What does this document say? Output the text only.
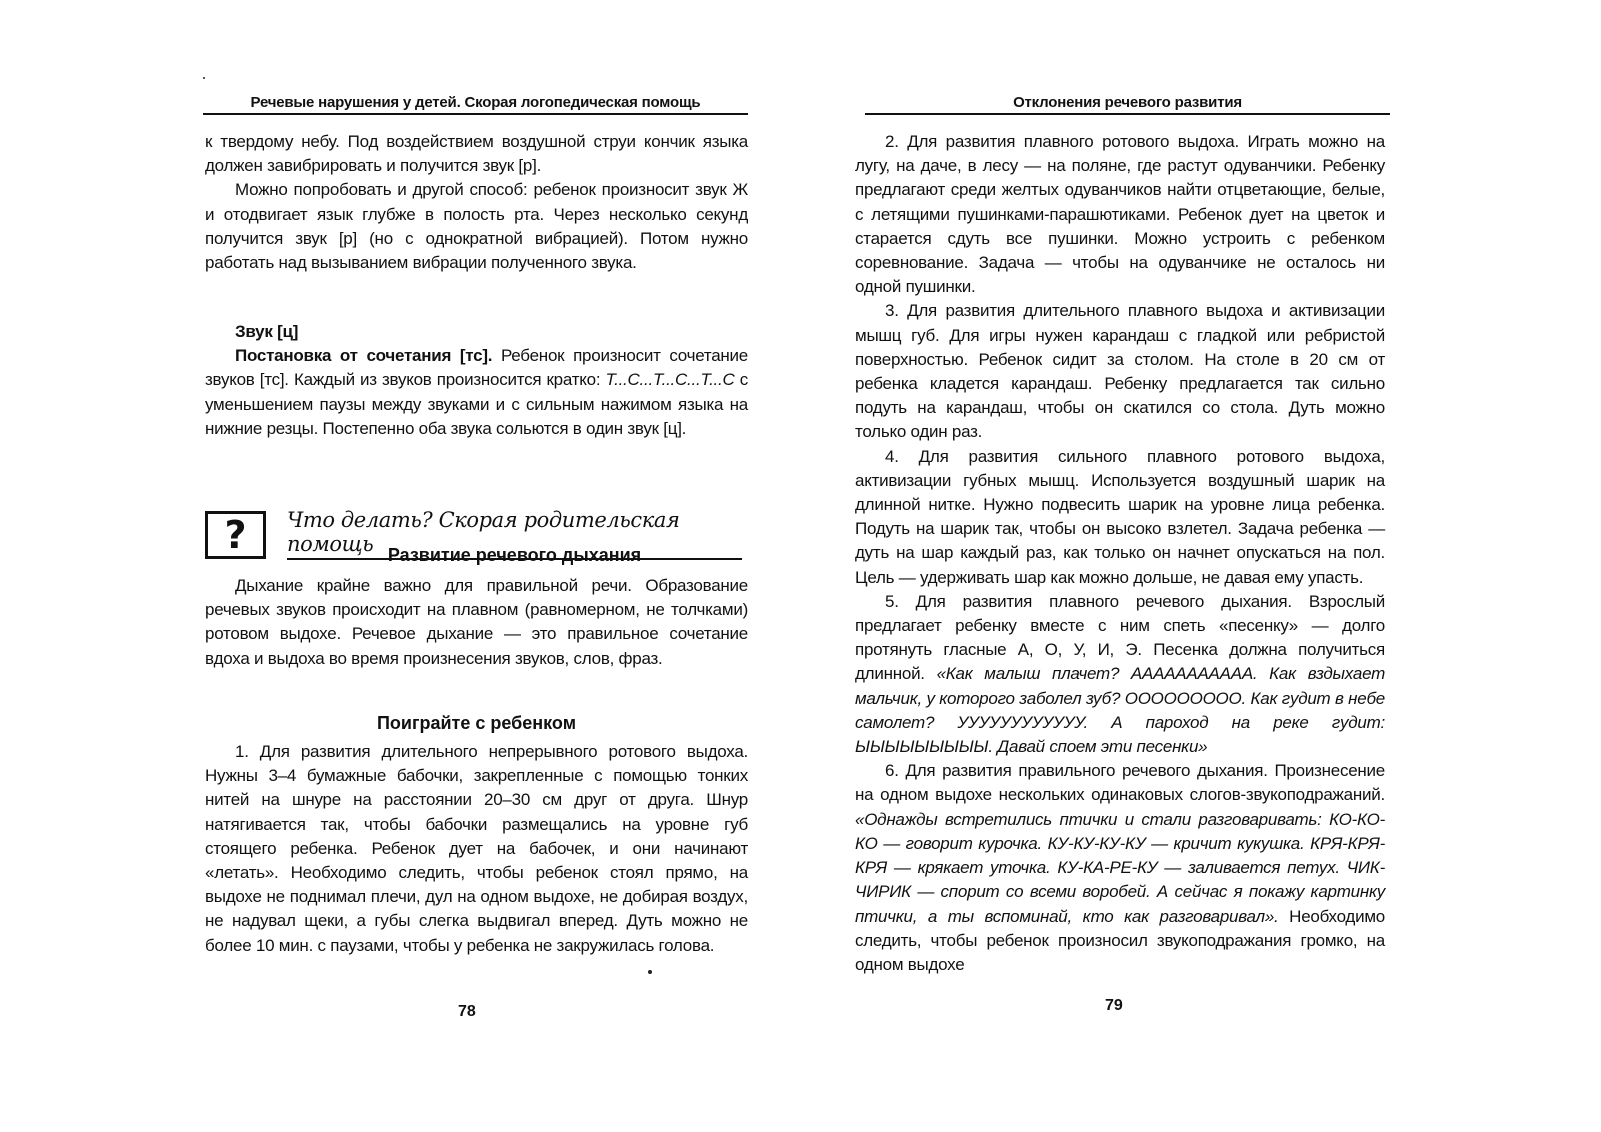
Речевые нарушения у детей. Скорая логопедическая помощь

к твердому небу. Под воздействием воздушной струи кончик языка должен завибрировать и получится звук [р].

Можно попробовать и другой способ: ребенок произносит звук Ж и отодвигает язык глубже в полость рта. Через несколько секунд получится звук [р] (но с однократной вибрацией). Потом нужно работать над вызыванием вибрации полученного звука.

Звук [ц]

Постановка от сочетания [тс]. Ребенок произносит сочетание звуков [тс]. Каждый из звуков произносится кратко: Т...С...Т...С...Т...С с уменьшением паузы между звуками и с сильным нажимом языка на нижние резцы. Постепенно оба звука сольются в один звук [ц].

?	Что делать? Скорая родительская помощь Развитие речевого дыхания

Дыхание крайне важно для правильной речи. Образование речевых звуков происходит на плавном (равномерном, не толчками) ротовом выдохе. Речевое дыхание — это правильное сочетание вдоха и выдоха во время произнесения звуков, слов, фраз.

Поиграйте с ребенком

1. Для развития длительного непрерывного ротового выдоха. Нужны 3–4 бумажные бабочки, закрепленные с помощью тонких нитей на шнуре на расстоянии 20–30 см друг от друга. Шнур натягивается так, чтобы бабочки размещались на уровне губ стоящего ребенка. Ребенок дует на бабочек, и они начинают «летать». Необходимо следить, чтобы ребенок стоял прямо, на выдохе не поднимал плечи, дул на одном выдохе, не добирая воздух, не надувал щеки, а губы слегка выдвигал вперед. Дуть можно не более 10 мин. с паузами, чтобы у ребенка не закружилась голова.

78
Отклонения речевого развития

2. Для развития плавного ротового выдоха. Играть можно на лугу, на даче, в лесу — на поляне, где растут одуванчики. Ребенку предлагают среди желтых одуванчиков найти отцветающие, белые, с летящими пушинками-парашютиками. Ребенок дует на цветок и старается сдуть все пушинки. Можно устроить с ребенком соревнование. Задача — чтобы на одуванчике не осталось ни одной пушинки.

3. Для развития длительного плавного выдоха и активизации мышц губ. Для игры нужен карандаш с гладкой или ребристой поверхностью. Ребенок сидит за столом. На столе в 20 см от ребенка кладется карандаш. Ребенку предлагается так сильно подуть на карандаш, чтобы он скатился со стола. Дуть можно только один раз.

4. Для развития сильного плавного ротового выдоха, активизации губных мышц. Используется воздушный шарик на длинной нитке. Нужно подвесить шарик на уровне лица ребенка. Подуть на шарик так, чтобы он высоко взлетел. Задача ребенка — дуть на шар каждый раз, как только он начнет опускаться на пол. Цель — удерживать шар как можно дольше, не давая ему упасть.

5. Для развития плавного речевого дыхания. Взрослый предлагает ребенку вместе с ним спеть «песенку» — долго протянуть гласные А, О, У, И, Э. Песенка должна получиться длинной. «Как малыш плачет? ААААААААААА. Как вздыхает мальчик, у которого заболел зуб? ООООООООО. Как гудит в небе самолет? УУУУУУУУУУУУ. А пароход на реке гудит: ЫЫЫЫЫЫЫЫЫ. Давай споем эти песенки»

6. Для развития правильного речевого дыхания. Произнесение на одном выдохе нескольких одинаковых слогов-звукоподражаний. «Однажды встретились птички и стали разговаривать: КО-КО-КО — говорит курочка. КУ-КУ-КУ-КУ — кричит кукушка. КРЯ-КРЯ-КРЯ — крякает уточка. КУ-КА-РЕ-КУ — заливается петух. ЧИК-ЧИРИК — спорит со всеми воробей. А сейчас я покажу картинку птички, а ты вспоминай, кто как разговаривал». Необходимо следить, чтобы ребенок произносил звукоподражания громко, на одном выдохе

79
